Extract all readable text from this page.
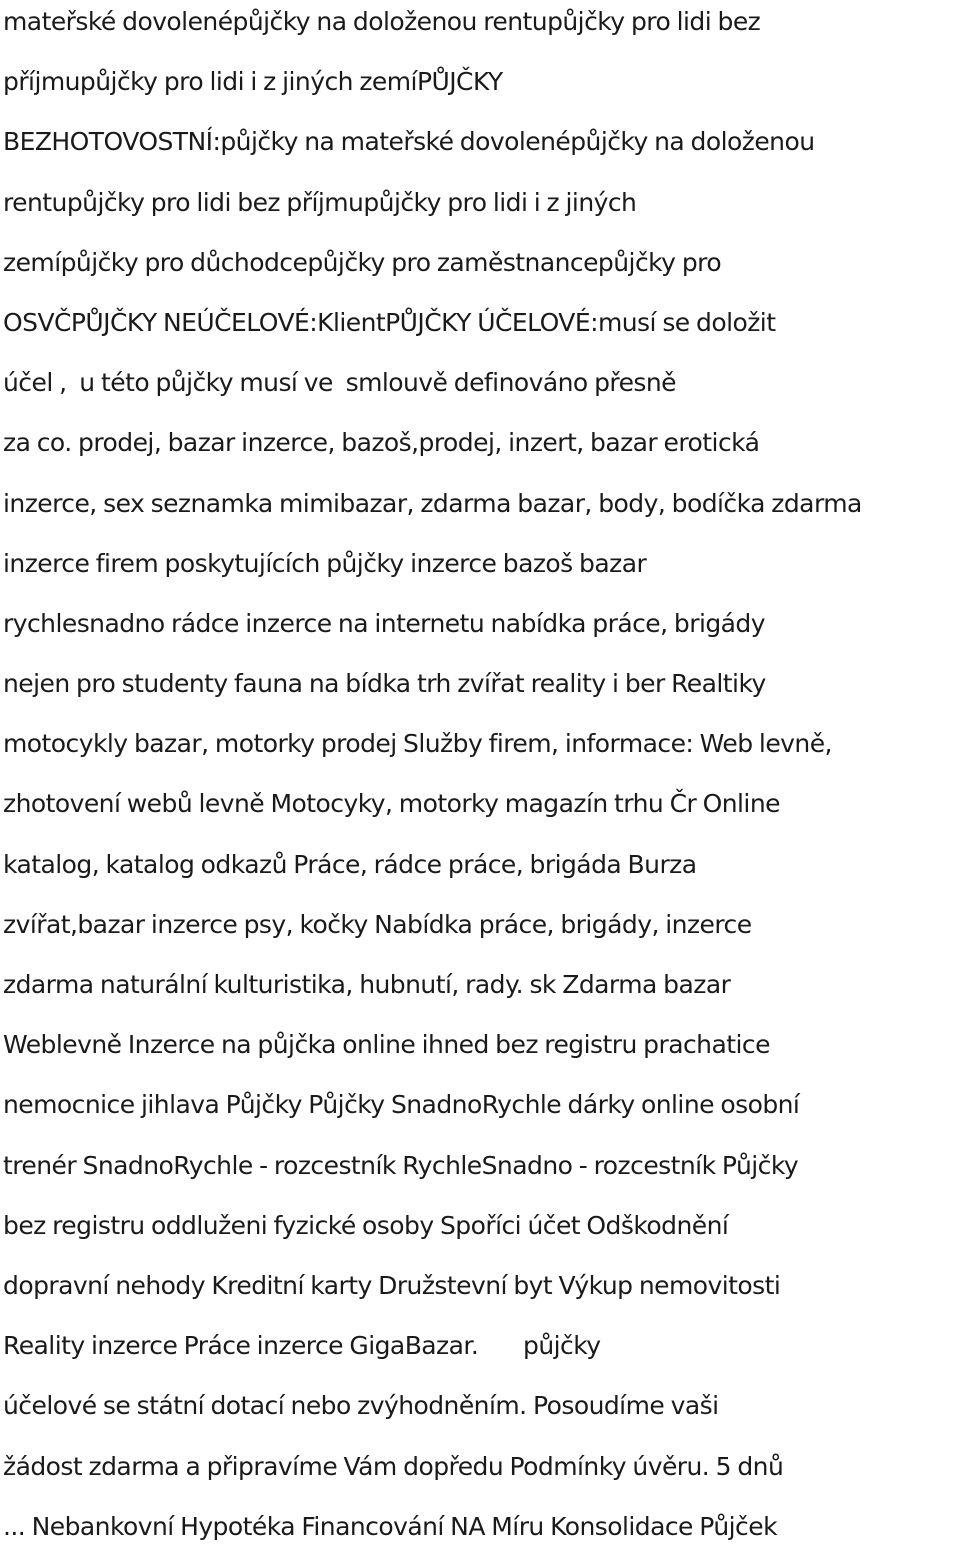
mateřské dovolenépůjčky na doloženou rentupůjčky pro lidi bez
příjmupůjčky pro lidi i z jiných zemíPŮJČKY
BEZHOTOVOSTNÍ:půjčky na mateřské dovolenépůjčky na doloženou
rentupůjčky pro lidi bez příjmupůjčky pro lidi i z jiných
zemípůjčky pro důchodcepůjčky pro zaměstnancepůjčky pro
OSVČPŮJČKY NEÚČELOVÉ:KlientPŮJČKY ÚČELOVÉ:musí se doložit
účel ,  u této půjčky musí ve  smlouvě definováno přesně
za co. prodej, bazar inzerce, bazoš,prodej, inzert, bazar erotická
inzerce, sex seznamka mimibazar, zdarma bazar, body, bodíčka zdarma
inzerce firem poskytujících půjčky inzerce bazoš bazar
rychlesnadno rádce inzerce na internetu nabídka práce, brigády
nejen pro studenty fauna na bídka trh zvířat reality i ber Realtiky
motocykly bazar, motorky prodej Služby firem, informace: Web levně,
zhotovení webů levně Motocyky, motorky magazín trhu Čr Online
katalog, katalog odkazů Práce, rádce práce, brigáda Burza
zvířat,bazar inzerce psy, kočky Nabídka práce, brigády, inzerce
zdarma naturální kulturistika, hubnutí, rady. sk Zdarma bazar
Weblevně Inzerce na půjčka online ihned bez registru prachatice
nemocnice jihlava Půjčky Půjčky SnadnoRychle dárky online osobní
trenér SnadnoRychle - rozcestník RychleSnadno - rozcestník Půjčky
bez registru oddluženi fyzické osoby Spoříci účet Odškodnění
dopravní nehody Kreditní karty Družstevní byt Výkup nemovitosti
Reality inzerce Práce inzerce GigaBazar.       půjčky
účelové se státní dotací nebo zvýhodněním. Posoudíme vaši
žádost zdarma a připravíme Vám dopředu Podmínky úvěru. 5 dnů
... Nebankovní Hypotéka Financování NA Míru Konsolidace Půjček
